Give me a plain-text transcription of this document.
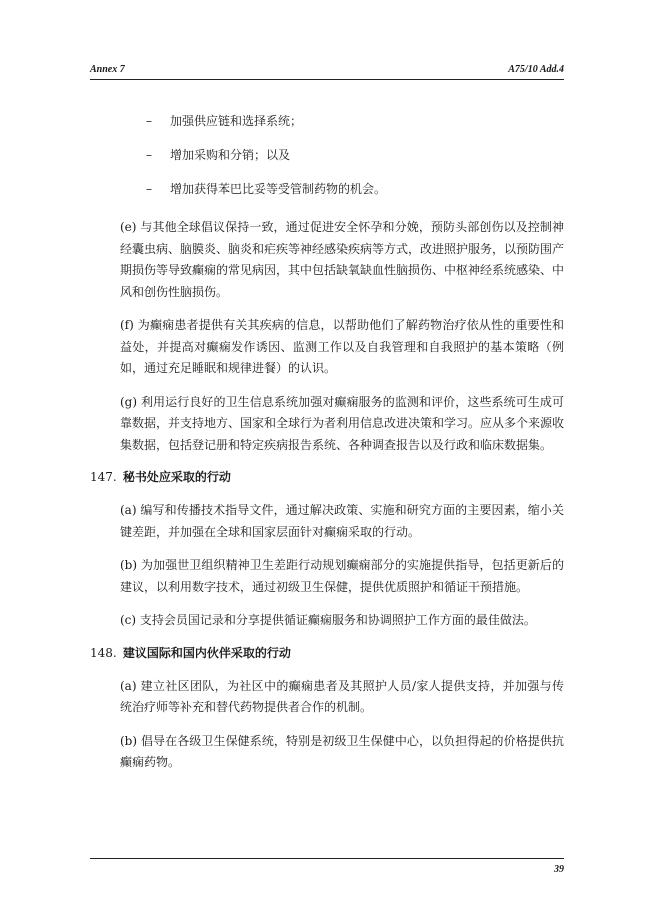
Annex 7	A75/10 Add.4
– 加强供应链和选择系统；
– 增加采购和分销；以及
– 增加获得苯巴比妥等受管制药物的机会。

(e) 与其他全球倡议保持一致，通过促进安全怀孕和分娩，预防头部创伤以及控制神经囊虫病、脑膜炎、脑炎和疟疾等神经感染疾病等方式，改进照护服务，以预防围产期损伤等导致癫痫的常见病因，其中包括缺氧缺血性脑损伤、中枢神经系统感染、中风和创伤性脑损伤。

(f) 为癫痫患者提供有关其疾病的信息，以帮助他们了解药物治疗依从性的重要性和益处，并提高对癫痫发作诱因、监测工作以及自我管理和自我照护的基本策略（例如，通过充足睡眠和规律进餐）的认识。

(g) 利用运行良好的卫生信息系统加强对癫痫服务的监测和评价，这些系统可生成可靠数据，并支持地方、国家和全球行为者利用信息改进决策和学习。应从多个来源收集数据，包括登记册和特定疾病报告系统、各种调查报告以及行政和临床数据集。

147. 秘书处应采取的行动

(a) 编写和传播技术指导文件，通过解决政策、实施和研究方面的主要因素，缩小关键差距，并加强在全球和国家层面针对癫痫采取的行动。

(b) 为加强世卫组织精神卫生差距行动规划癫痫部分的实施提供指导，包括更新后的建议，以利用数字技术，通过初级卫生保健，提供优质照护和循证干预措施。

(c) 支持会员国记录和分享提供循证癫痫服务和协调照护工作方面的最佳做法。

148. 建议国际和国内伙伴采取的行动

(a) 建立社区团队，为社区中的癫痫患者及其照护人员/家人提供支持，并加强与传统治疗师等补充和替代药物提供者合作的机制。

(b) 倡导在各级卫生保健系统，特别是初级卫生保健中心，以负担得起的价格提供抗癫痫药物。

39
